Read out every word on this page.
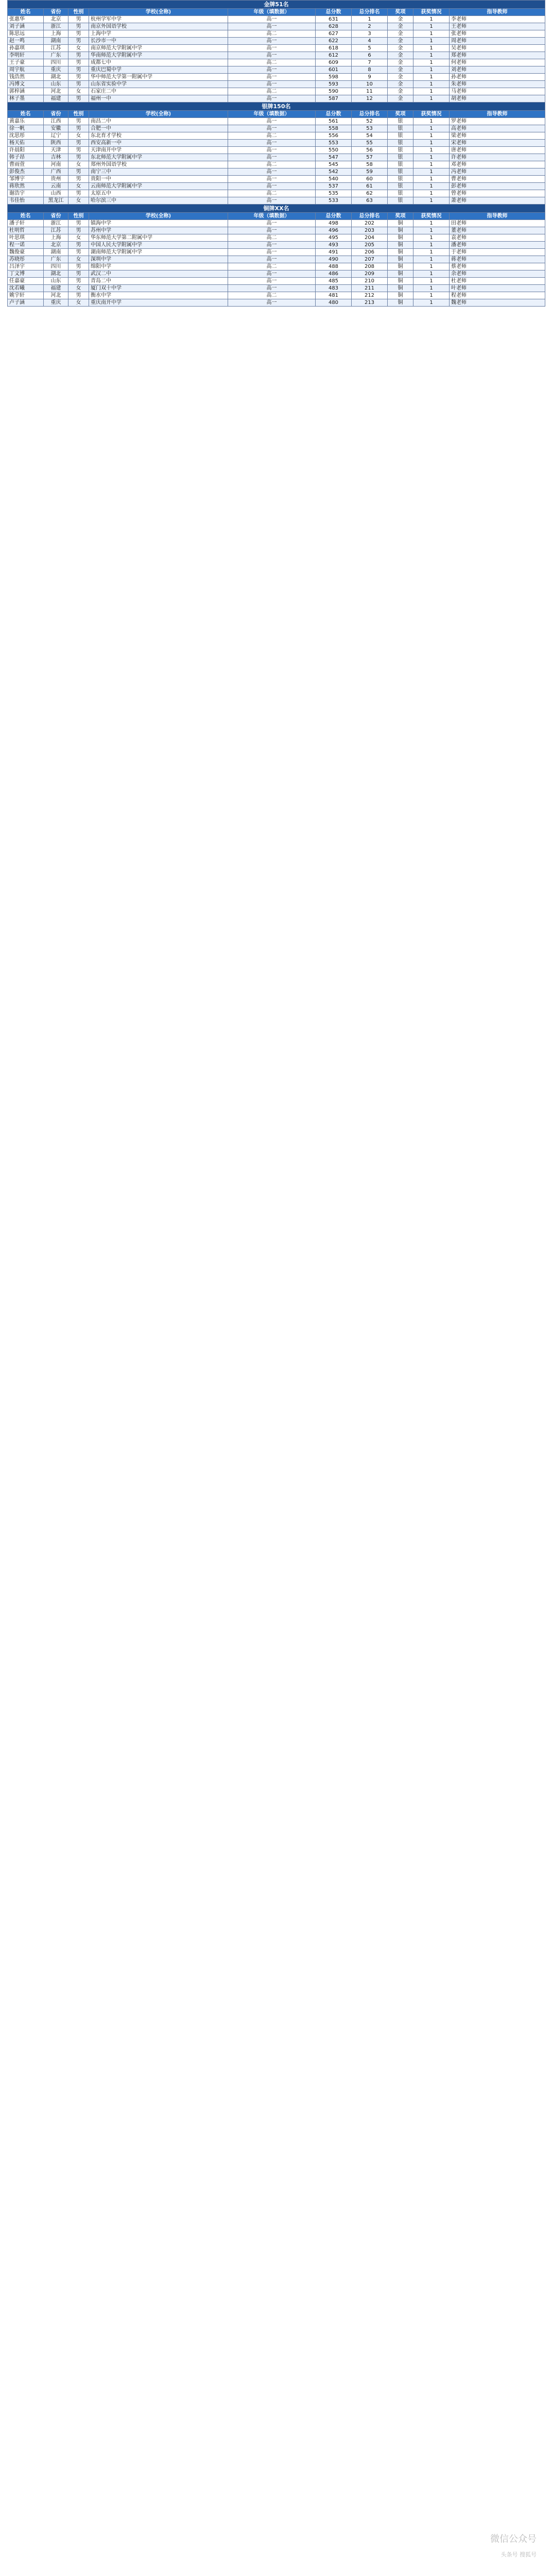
金牌51名									
姓名	省份	性别	学校(全称)	年级（填数据）	总分数	总分排名	奖项	获奖情况	指导教师
张惠华	北京	男	杭州学军中学	高一	631	1	金	1	李老师
刘子涵	浙江	男	南京外国语学校	高一	628	2	金	1	王老师
陈思远	上海	男	上海中学	高二	627	3	金	1	张老师
赵一鸣	湖南	男	长沙市一中	高一	622	4	金	1	周老师
孙嘉琪	江苏	女	南京师范大学附属中学	高一	618	5	金	1	吴老师
李明轩	广东	男	华南师范大学附属中学	高一	612	6	金	1	郑老师
王子豪	四川	男	成都七中	高二	609	7	金	1	何老师
周宇航	重庆	男	重庆巴蜀中学	高一	601	8	金	1	刘老师
钱浩然	湖北	男	华中师范大学第一附属中学	高一	598	9	金	1	孙老师
冯博文	山东	男	山东省实验中学	高一	593	10	金	1	朱老师
郭梓涵	河北	女	石家庄二中	高二	590	11	金	1	马老师
林子墨	福建	男	福州一中	高一	587	12	金	1	胡老师
银牌150名									
姓名	省份	性别	学校(全称)	年级（填数据）	总分数	总分排名	奖项	获奖情况	指导教师
黄嘉乐	江西	男	南昌二中	高一	561	52	银	1	罗老师
徐一帆	安徽	男	合肥一中	高一	558	53	银	1	高老师
沈思彤	辽宁	女	东北育才学校	高二	556	54	银	1	梁老师
杨天佑	陕西	男	西安高新一中	高一	553	55	银	1	宋老师
许晨阳	天津	男	天津南开中学	高一	550	56	银	1	唐老师
韩子昂	吉林	男	东北师范大学附属中学	高一	547	57	银	1	许老师
曹雨萱	河南	女	郑州外国语学校	高二	545	58	银	1	邓老师
彭俊杰	广西	男	南宁三中	高一	542	59	银	1	冯老师
邹博宇	贵州	男	贵阳一中	高一	540	60	银	1	曹老师
蒋欣然	云南	女	云南师范大学附属中学	高一	537	61	银	1	彭老师
谢浩宇	山西	男	太原五中	高二	535	62	银	1	曾老师
韦佳怡	黑龙江	女	哈尔滨三中	高一	533	63	银	1	萧老师
铜牌XX名									
姓名	省份	性别	学校(全称)	年级（填数据）	总分数	总分排名	奖项	获奖情况	指导教师
潘子轩	浙江	男	镇海中学	高一	498	202	铜	1	田老师
杜明哲	江苏	男	苏州中学	高一	496	203	铜	1	董老师
叶思琪	上海	女	华东师范大学第二附属中学	高二	495	204	铜	1	袁老师
程一诺	北京	男	中国人民大学附属中学	高一	493	205	铜	1	潘老师
魏俊豪	湖南	男	湖南师范大学附属中学	高一	491	206	铜	1	于老师
苏晓彤	广东	女	深圳中学	高一	490	207	铜	1	蒋老师
吕泽宇	四川	男	绵阳中学	高二	488	208	铜	1	蔡老师
丁文博	湖北	男	武汉二中	高一	486	209	铜	1	余老师
任嘉豪	山东	男	青岛二中	高一	485	210	铜	1	杜老师
沈若曦	福建	女	厦门双十中学	高一	483	211	铜	1	叶老师
姚宇轩	河北	男	衡水中学	高二	481	212	铜	1	程老师
卢子涵	重庆	女	重庆南开中学	高一	480	213	铜	1	魏老师
微信公众号
头条号 搜狐号
